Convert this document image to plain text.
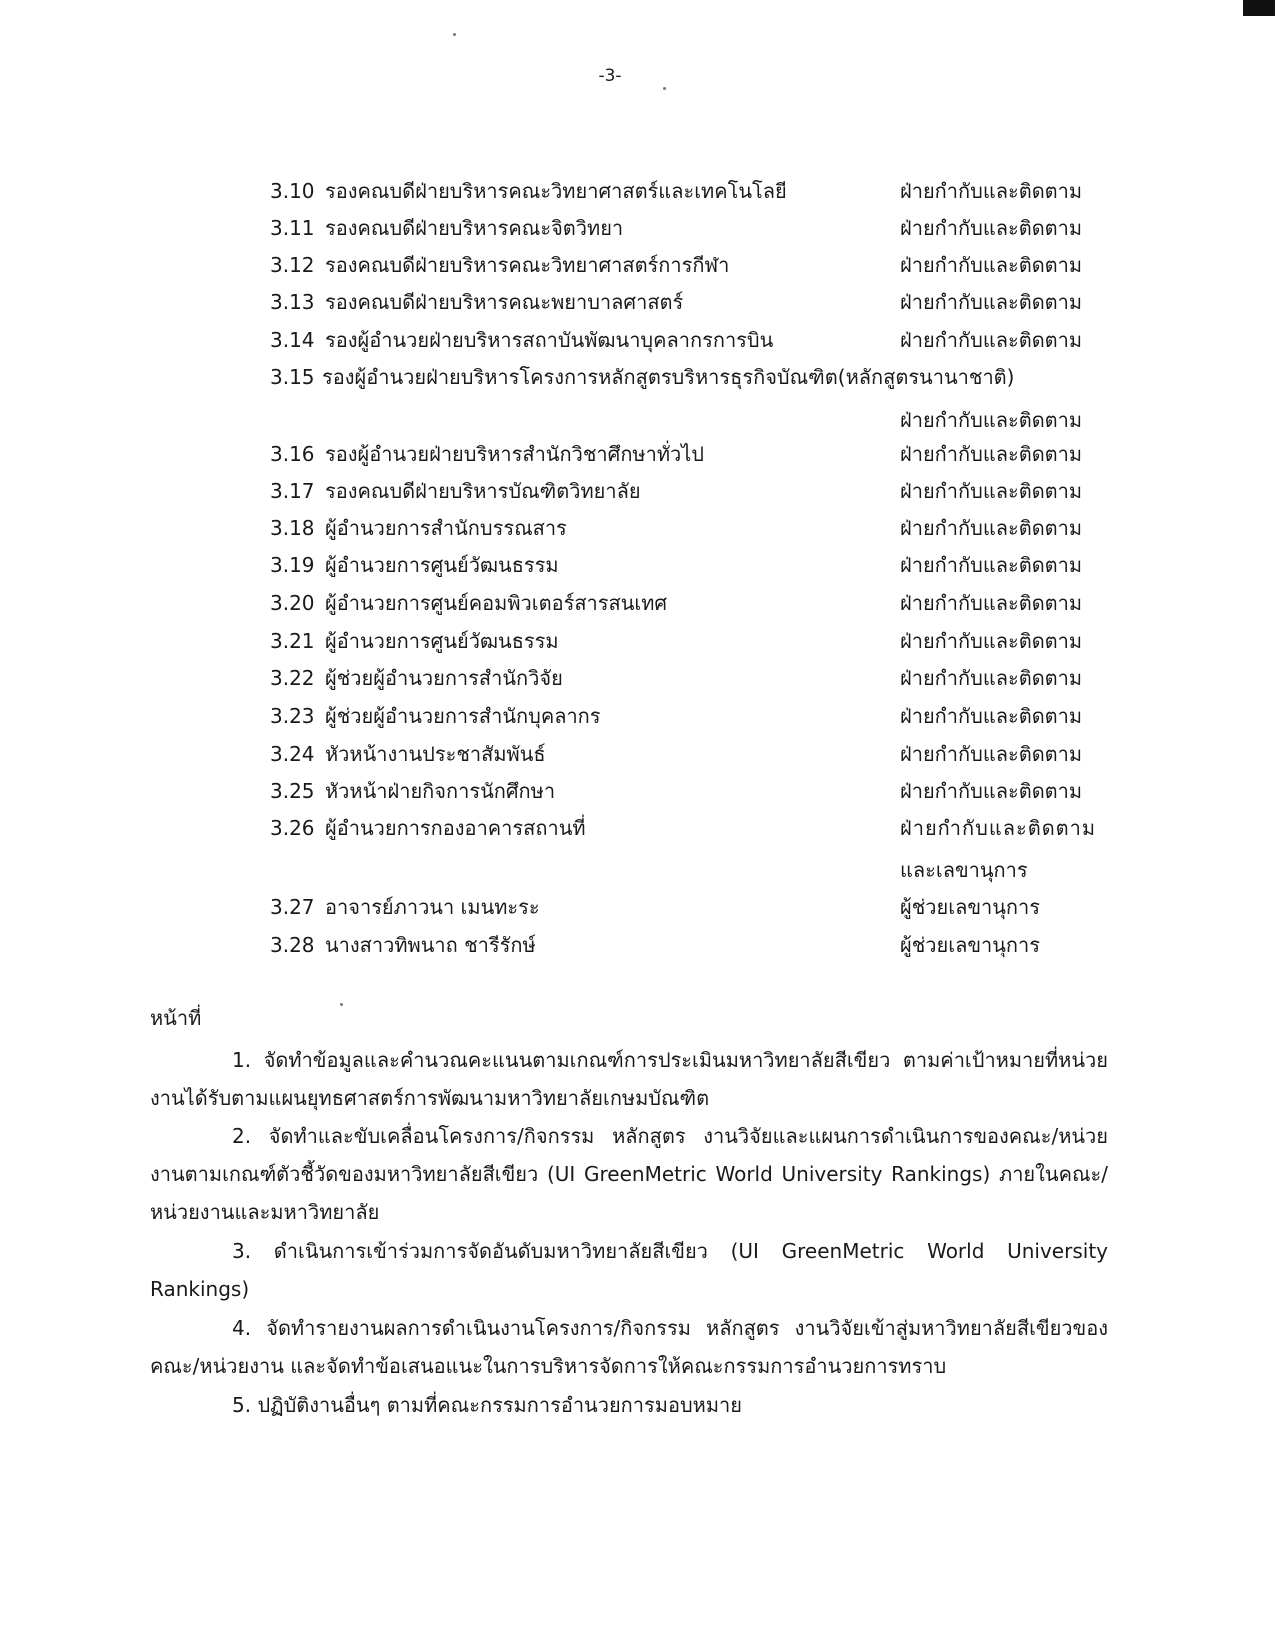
-3-
3.10 รองคณบดีฝ่ายบริหารคณะวิทยาศาสตร์และเทคโนโลยี	ฝ่ายกำกับและติดตาม
3.11 รองคณบดีฝ่ายบริหารคณะจิตวิทยา	ฝ่ายกำกับและติดตาม
3.12 รองคณบดีฝ่ายบริหารคณะวิทยาศาสตร์การกีฬา	ฝ่ายกำกับและติดตาม
3.13 รองคณบดีฝ่ายบริหารคณะพยาบาลศาสตร์	ฝ่ายกำกับและติดตาม
3.14 รองผู้อำนวยฝ่ายบริหารสถาบันพัฒนาบุคลากรการบิน	ฝ่ายกำกับและติดตาม
3.15 รองผู้อำนวยฝ่ายบริหารโครงการหลักสูตรบริหารธุรกิจบัณฑิต(หลักสูตรนานาชาติ)
ฝ่ายกำกับและติดตาม
3.16 รองผู้อำนวยฝ่ายบริหารสำนักวิชาศึกษาทั่วไป	ฝ่ายกำกับและติดตาม
3.17 รองคณบดีฝ่ายบริหารบัณฑิตวิทยาลัย	ฝ่ายกำกับและติดตาม
3.18 ผู้อำนวยการสำนักบรรณสาร	ฝ่ายกำกับและติดตาม
3.19 ผู้อำนวยการศูนย์วัฒนธรรม	ฝ่ายกำกับและติดตาม
3.20 ผู้อำนวยการศูนย์คอมพิวเตอร์สารสนเทศ	ฝ่ายกำกับและติดตาม
3.21 ผู้อำนวยการศูนย์วัฒนธรรม	ฝ่ายกำกับและติดตาม
3.22 ผู้ช่วยผู้อำนวยการสำนักวิจัย	ฝ่ายกำกับและติดตาม
3.23 ผู้ช่วยผู้อำนวยการสำนักบุคลากร	ฝ่ายกำกับและติดตาม
3.24 หัวหน้างานประชาสัมพันธ์	ฝ่ายกำกับและติดตาม
3.25 หัวหน้าฝ่ายกิจการนักศึกษา	ฝ่ายกำกับและติดตาม
3.26 ผู้อำนวยการกองอาคารสถานที่	ฝ่ายกำกับและติดตาม
และเลขานุการ
3.27 อาจารย์ภาวนา เมนทะระ	ผู้ช่วยเลขานุการ
3.28 นางสาวทิพนาถ ชารีรักษ์	ผู้ช่วยเลขานุการ
หน้าที่
1. จัดทำข้อมูลและคำนวณคะแนนตามเกณฑ์การประเมินมหาวิทยาลัยสีเขียว ตามค่าเป้าหมายที่หน่วยงานได้รับตามแผนยุทธศาสตร์การพัฒนามหาวิทยาลัยเกษมบัณฑิต
2. จัดทำและขับเคลื่อนโครงการ/กิจกรรม หลักสูตร งานวิจัยและแผนการดำเนินการของคณะ/หน่วยงานตามเกณฑ์ตัวชี้วัดของมหาวิทยาลัยสีเขียว (UI GreenMetric World University Rankings) ภายในคณะ/หน่วยงานและมหาวิทยาลัย
3. ดำเนินการเข้าร่วมการจัดอันดับมหาวิทยาลัยสีเขียว (UI GreenMetric World University Rankings)
4. จัดทำรายงานผลการดำเนินงานโครงการ/กิจกรรม หลักสูตร งานวิจัยเข้าสู่มหาวิทยาลัยสีเขียวของคณะ/หน่วยงาน และจัดทำข้อเสนอแนะในการบริหารจัดการให้คณะกรรมการอำนวยการทราบ
5. ปฏิบัติงานอื่นๆ ตามที่คณะกรรมการอำนวยการมอบหมาย
